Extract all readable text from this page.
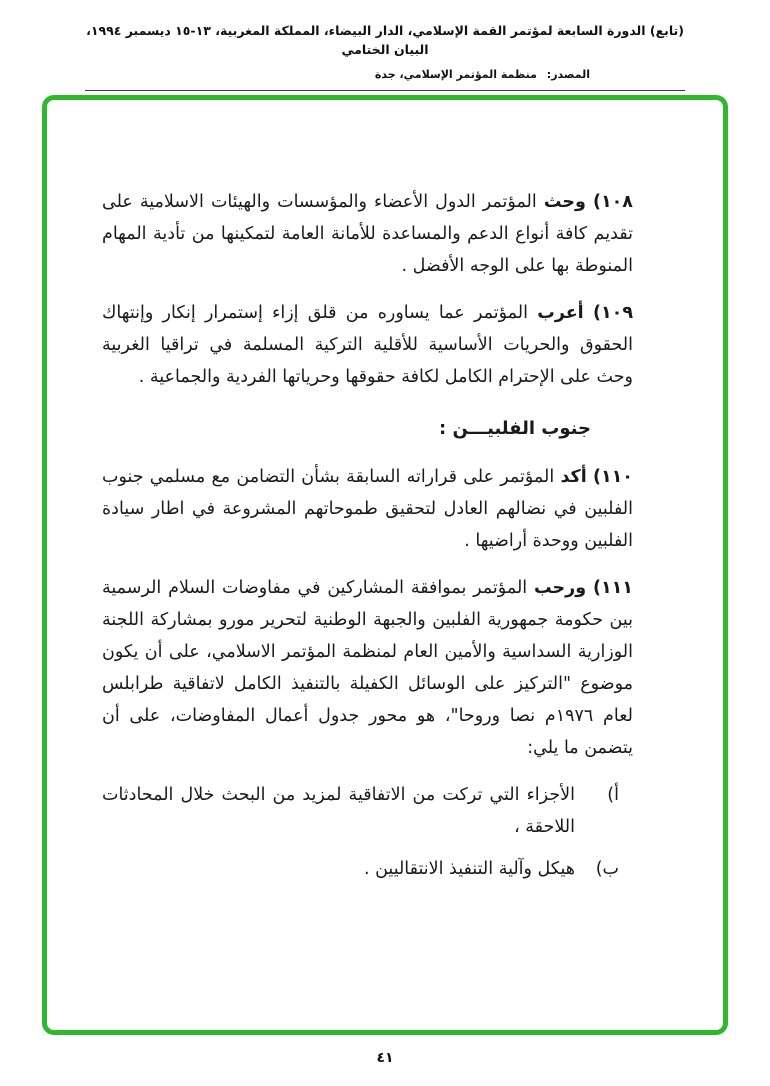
(تابع) الدورة السابعة لمؤتمر القمة الإسلامي، الدار البيضاء، المملكة المغربية، ١٣-١٥ ديسمبر ١٩٩٤، البيان الختامي
المصدر: منظمة المؤتمر الإسلامي، جدة

١٠٨) وحث المؤتمر الدول الأعضاء والمؤسسات والهيئات الاسلامية على تقديم كافة أنواع الدعم والمساعدة للأمانة العامة لتمكينها من تأدية المهام المنوطة بها على الوجه الأفضل .

١٠٩) أعرب المؤتمر عما يساوره من قلق إزاء إستمرار إنكار وإنتهاك الحقوق والحريات الأساسية للأقلية التركية المسلمة في تراقيا الغربية وحث على الإحترام الكامل لكافة حقوقها وحرياتها الفردية والجماعية .

جنوب الفلبيـــن :

١١٠) أكد المؤتمر على قراراته السابقة بشأن التضامن مع مسلمي جنوب الفلبين في نضالهم العادل لتحقيق طموحاتهم المشروعة في اطار سيادة الفلبين ووحدة أراضيها .

١١١) ورحب المؤتمر بموافقة المشاركين في مفاوضات السلام الرسمية بين حكومة جمهورية الفلبين والجبهة الوطنية لتحرير مورو بمشاركة اللجنة الوزارية السداسية والأمين العام لمنظمة المؤتمر الاسلامي، على أن يكون موضوع "التركيز على الوسائل الكفيلة بالتنفيذ الكامل لاتفاقية طرابلس لعام ١٩٧٦م نصا وروحا"، هو محور جدول أعمال المفاوضات، على أن يتضمن ما يلي:

أ)
الأجزاء التي تركت من الاتفاقية لمزيد من البحث خلال المحادثات اللاحقة ،
ب)
هيكل وآلية التنفيذ الانتقاليين .
٤١
